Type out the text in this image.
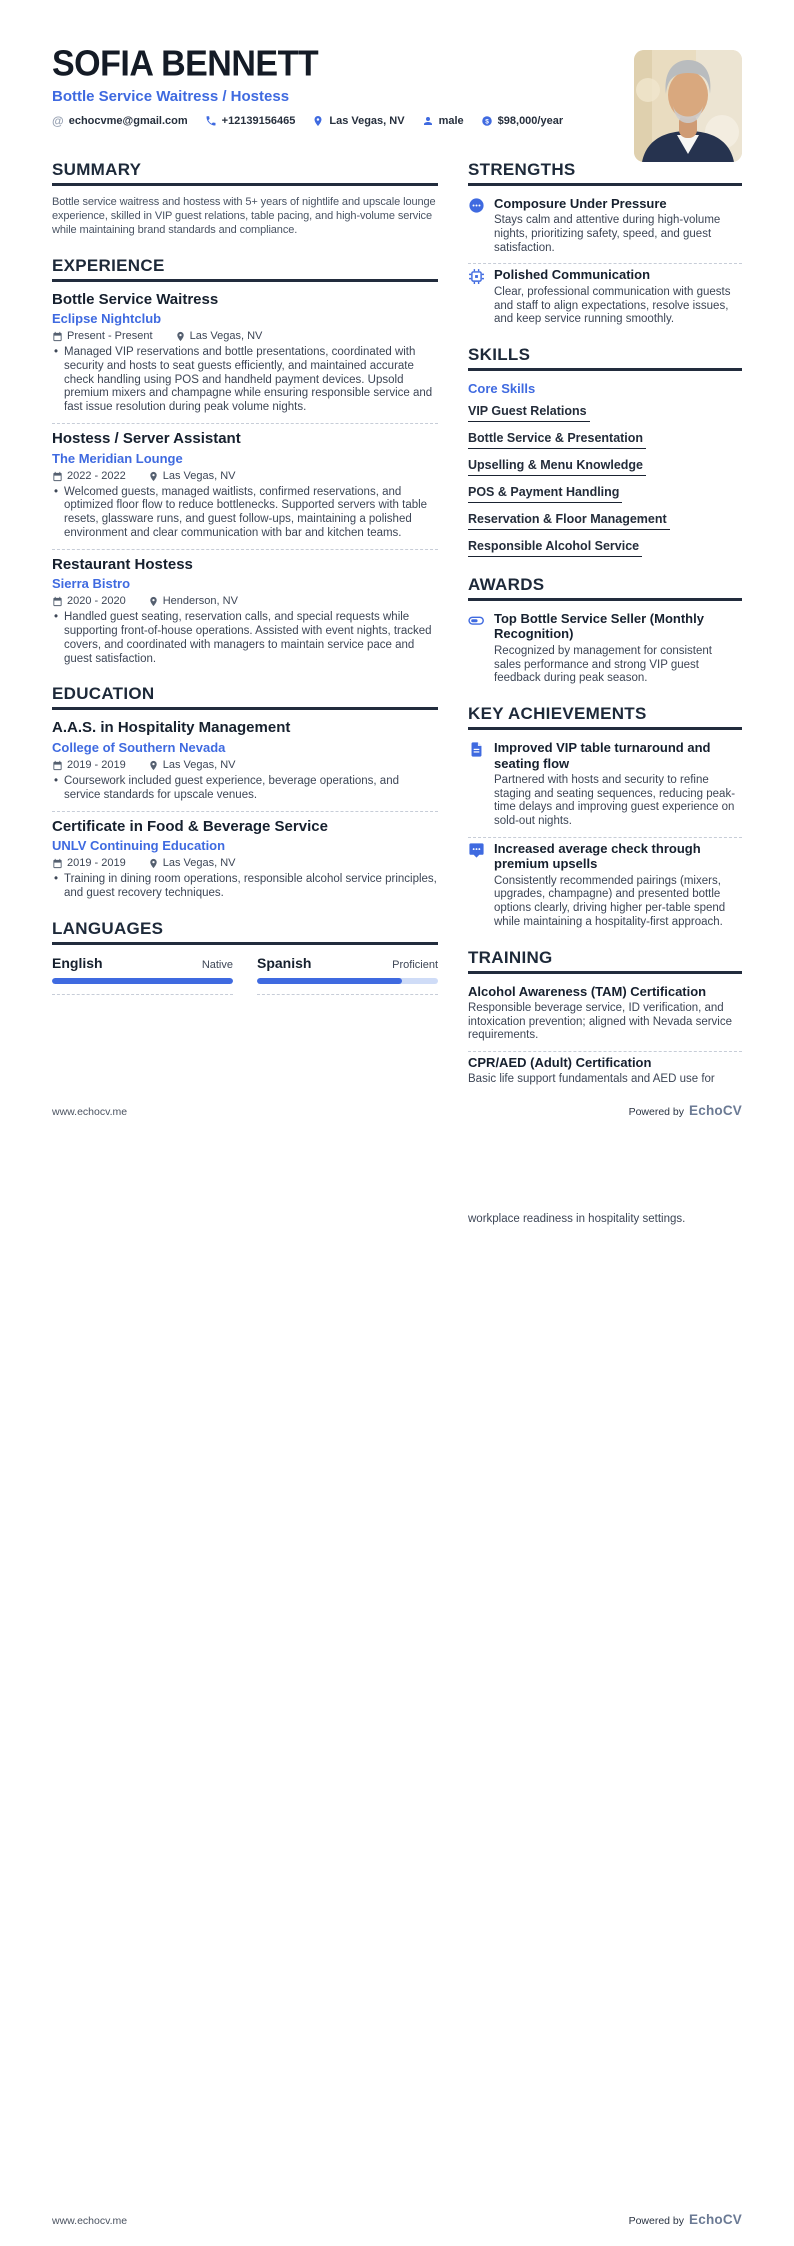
SOFIA BENNETT
Bottle Service Waitress / Hostess
@ echocvme@gmail.com	+12139156465	Las Vegas, NV	male $ $98,000/year
SUMMARY
Bottle service waitress and hostess with 5+ years of nightlife and upscale lounge experience, skilled in VIP guest relations, table pacing, and high-volume service while maintaining brand standards and compliance.
EXPERIENCE
Bottle Service Waitress
Eclipse Nightclub
Present - Present	Las Vegas, NV
• Managed VIP reservations and bottle presentations, coordinated with security and hosts to seat guests efficiently, and maintained accurate check handling using POS and handheld payment devices. Upsold premium mixers and champagne while ensuring responsible service and fast issue resolution during peak volume nights.
Hostess / Server Assistant
The Meridian Lounge
2022 - 2022	Las Vegas, NV
• Welcomed guests, managed waitlists, confirmed reservations, and optimized floor flow to reduce bottlenecks. Supported servers with table resets, glassware runs, and guest follow-ups, maintaining a polished environment and clear communication with bar and kitchen teams.
Restaurant Hostess
Sierra Bistro
2020 - 2020	Henderson, NV
• Handled guest seating, reservation calls, and special requests while supporting front-of-house operations. Assisted with event nights, tracked covers, and coordinated with managers to maintain service pace and guest satisfaction.
EDUCATION
A.A.S. in Hospitality Management
College of Southern Nevada
2019 - 2019	Las Vegas, NV
• Coursework included guest experience, beverage operations, and service standards for upscale venues.
Certificate in Food & Beverage Service
UNLV Continuing Education
2019 - 2019	Las Vegas, NV
• Training in dining room operations, responsible alcohol service principles, and guest recovery techniques.
LANGUAGES
English	Native Spanish	Proficient
STRENGTHS
Composure Under Pressure
Stays calm and attentive during high-volume nights, prioritizing safety, speed, and guest satisfaction.
Polished Communication
Clear, professional communication with guests and staff to align expectations, resolve issues, and keep service running smoothly.
SKILLS
Core Skills
VIP Guest Relations
Bottle Service & Presentation
Upselling & Menu Knowledge
POS & Payment Handling
Reservation & Floor Management
Responsible Alcohol Service
AWARDS
Top Bottle Service Seller (Monthly Recognition)
Recognized by management for consistent sales performance and strong VIP guest feedback during peak season.
KEY ACHIEVEMENTS
Improved VIP table turnaround and seating flow
Partnered with hosts and security to refine staging and seating sequences, reducing peak-time delays and improving guest experience on sold-out nights.
Increased average check through premium upsells
Consistently recommended pairings (mixers, upgrades, champagne) and presented bottle options clearly, driving higher per-table spend while maintaining a hospitality-first approach.
TRAINING
Alcohol Awareness (TAM) Certification
Responsible beverage service, ID verification, and intoxication prevention; aligned with Nevada service requirements.
CPR/AED (Adult) Certification
Basic life support fundamentals and AED use for
www.echocv.me	Powered by EchoCV
workplace readiness in hospitality settings.
www.echocv.me	Powered by EchoCV
